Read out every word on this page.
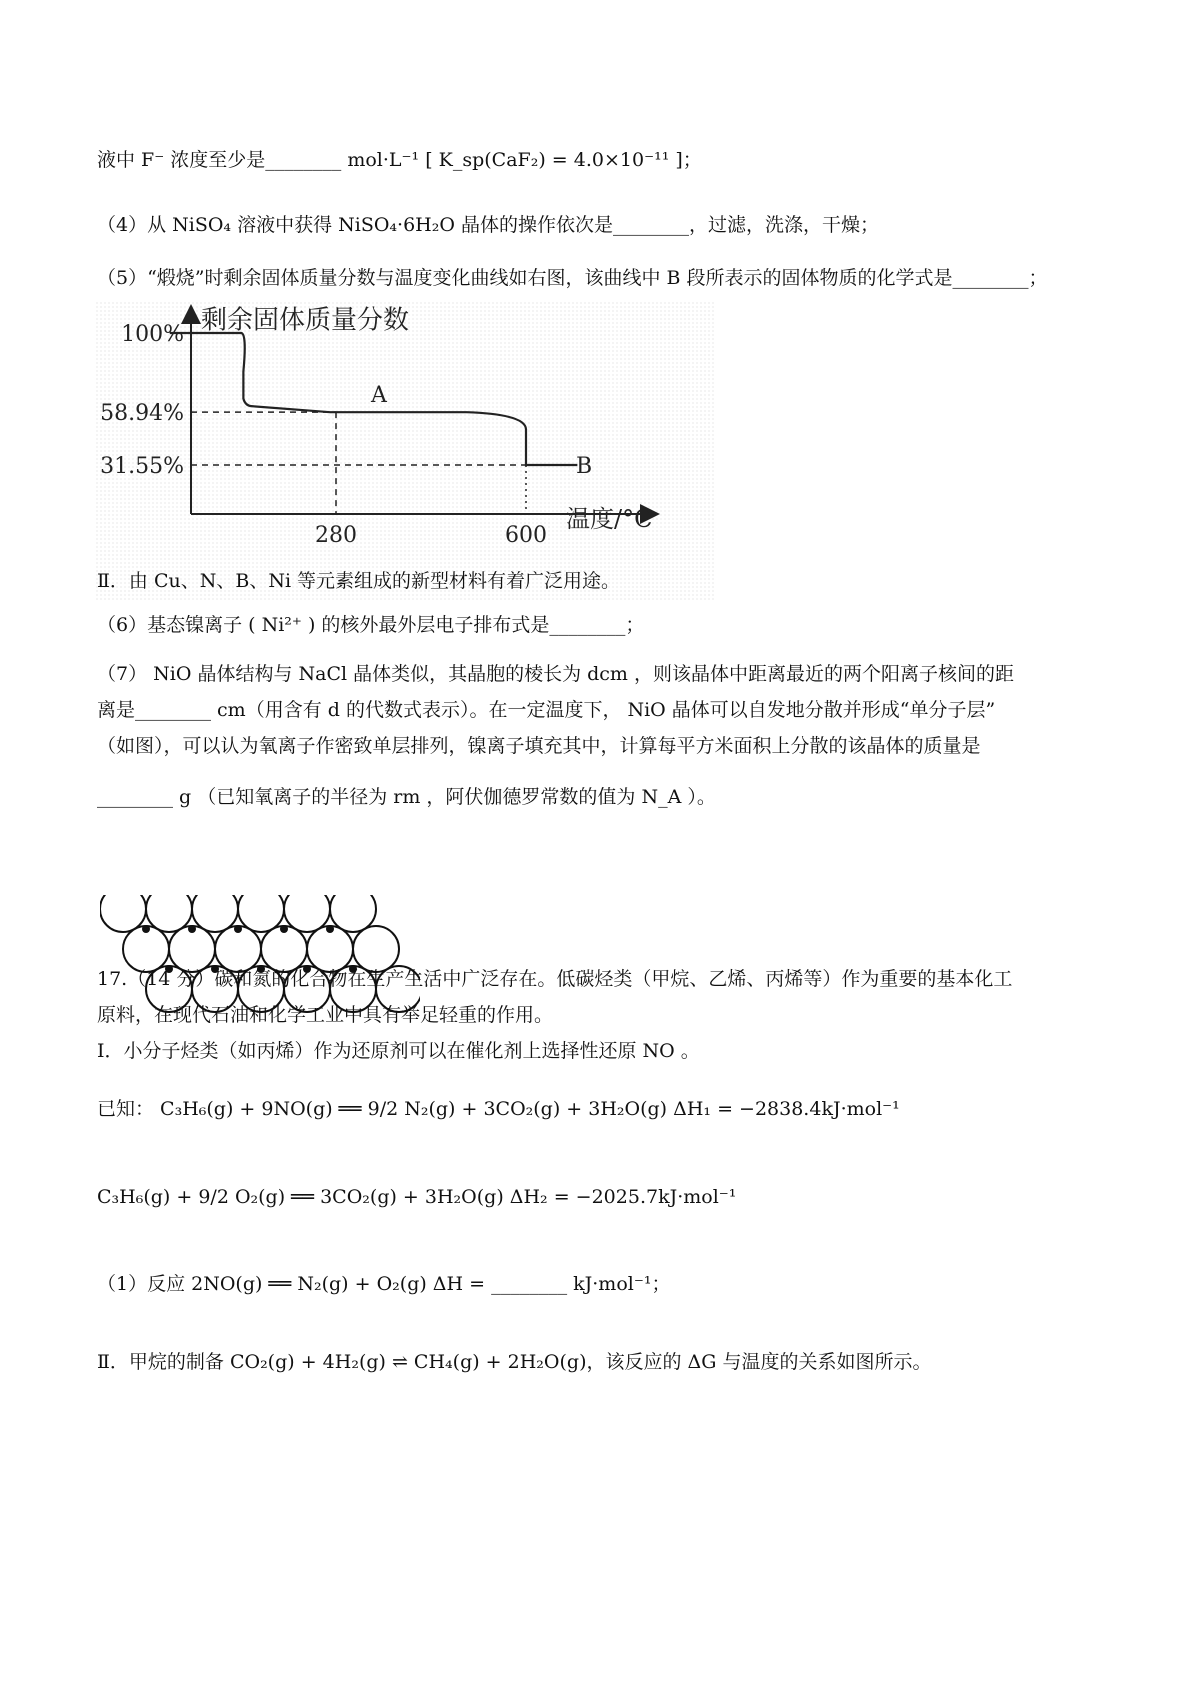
液中 F⁻ 浓度至少是________ mol·L⁻¹ [ K_sp(CaF₂) = 4.0×10⁻¹¹ ]；
（4）从 NiSO₄ 溶液中获得 NiSO₄·6H₂O 晶体的操作依次是________，过滤，洗涤，干燥；
（5）“煅烧”时剩余固体质量分数与温度变化曲线如右图，该曲线中 B 段所表示的固体物质的化学式是________；
剩余固体质量分数
温度/°C
100%
58.94%
31.55%
280	600
A
B
Ⅱ．由 Cu、N、B、Ni 等元素组成的新型材料有着广泛用途。
（6）基态镍离子 ( Ni²⁺ ) 的核外最外层电子排布式是________；
（7） NiO 晶体结构与 NaCl 晶体类似，其晶胞的棱长为 dcm ，则该晶体中距离最近的两个阳离子核间的距
离是________ cm（用含有 d 的代数式表示）。在一定温度下， NiO 晶体可以自发地分散并形成“单分子层”
（如图），可以认为氧离子作密致单层排列，镍离子填充其中，计算每平方米面积上分散的该晶体的质量是
________ g （已知氧离子的半径为 rm ，阿伏伽德罗常数的值为 N_A ）。
17.（14 分）碳和氮的化合物在生产生活中广泛存在。低碳烃类（甲烷、乙烯、丙烯等）作为重要的基本化工
原料，在现代石油和化学工业中具有举足轻重的作用。
Ⅰ．小分子烃类（如丙烯）作为还原剂可以在催化剂上选择性还原 NO 。
已知： C₃H₆(g) + 9NO(g) ══ 9/2 N₂(g) + 3CO₂(g) + 3H₂O(g) ΔH₁ = −2838.4kJ·mol⁻¹
C₃H₆(g) + 9/2 O₂(g) ══ 3CO₂(g) + 3H₂O(g) ΔH₂ = −2025.7kJ·mol⁻¹
（1）反应 2NO(g) ══ N₂(g) + O₂(g) ΔH = ________ kJ·mol⁻¹；
Ⅱ．甲烷的制备 CO₂(g) + 4H₂(g) ⇌ CH₄(g) + 2H₂O(g)，该反应的 ΔG 与温度的关系如图所示。
